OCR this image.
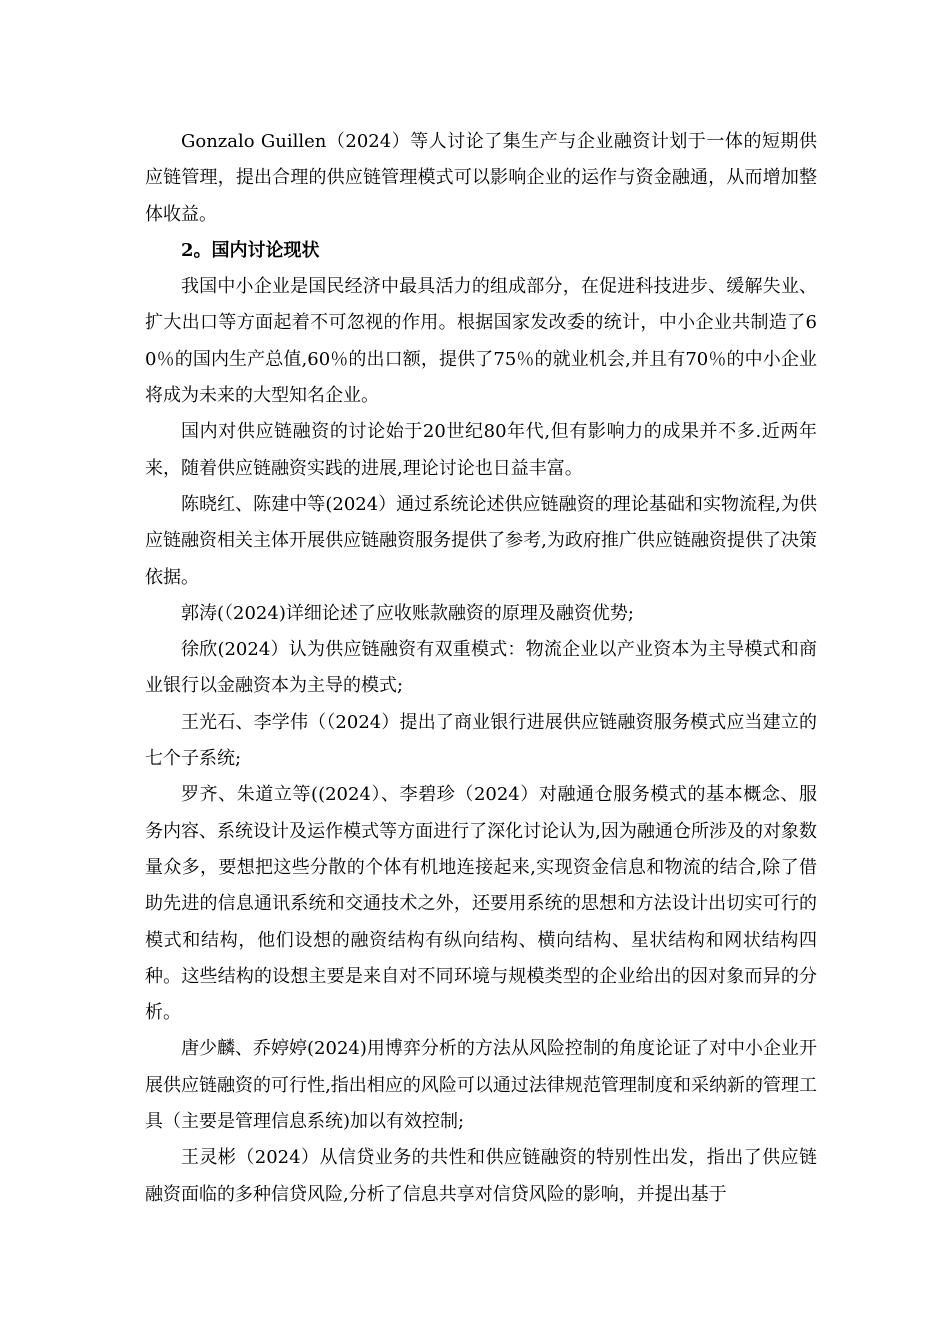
Gonzalo Guillen（2024）等人讨论了集生产与企业融资计划于一体的短期供应链管理，提出合理的供应链管理模式可以影响企业的运作与资金融通，从而增加整体收益。

2。国内讨论现状

我国中小企业是国民经济中最具活力的组成部分，在促进科技进步、缓解失业、扩大出口等方面起着不可忽视的作用。根据国家发改委的统计，中小企业共制造了60％的国内生产总值,60％的出口额，提供了75％的就业机会,并且有70％的中小企业将成为未来的大型知名企业。

国内对供应链融资的讨论始于20世纪80年代,但有影响力的成果并不多.近两年来，随着供应链融资实践的进展,理论讨论也日益丰富。

陈晓红、陈建中等(2024）通过系统论述供应链融资的理论基础和实物流程,为供应链融资相关主体开展供应链融资服务提供了参考,为政府推广供应链融资提供了决策依据。

郭涛(（2024)详细论述了应收账款融资的原理及融资优势;

徐欣(2024）认为供应链融资有双重模式：物流企业以产业资本为主导模式和商业银行以金融资本为主导的模式;

王光石、李学伟（（2024）提出了商业银行进展供应链融资服务模式应当建立的七个子系统;

罗齐、朱道立等((2024）、李碧珍（2024）对融通仓服务模式的基本概念、服务内容、系统设计及运作模式等方面进行了深化讨论认为,因为融通仓所涉及的对象数量众多，要想把这些分散的个体有机地连接起来,实现资金信息和物流的结合,除了借助先进的信息通讯系统和交通技术之外，还要用系统的思想和方法设计出切实可行的模式和结构，他们设想的融资结构有纵向结构、横向结构、星状结构和网状结构四种。这些结构的设想主要是来自对不同环境与规模类型的企业给出的因对象而异的分析。

唐少麟、乔婷婷(2024)用博弈分析的方法从风险控制的角度论证了对中小企业开展供应链融资的可行性,指出相应的风险可以通过法律规范管理制度和采纳新的管理工具（主要是管理信息系统)加以有效控制;

王灵彬（2024）从信贷业务的共性和供应链融资的特别性出发，指出了供应链融资面临的多种信贷风险,分析了信息共享对信贷风险的影响，并提出基于
